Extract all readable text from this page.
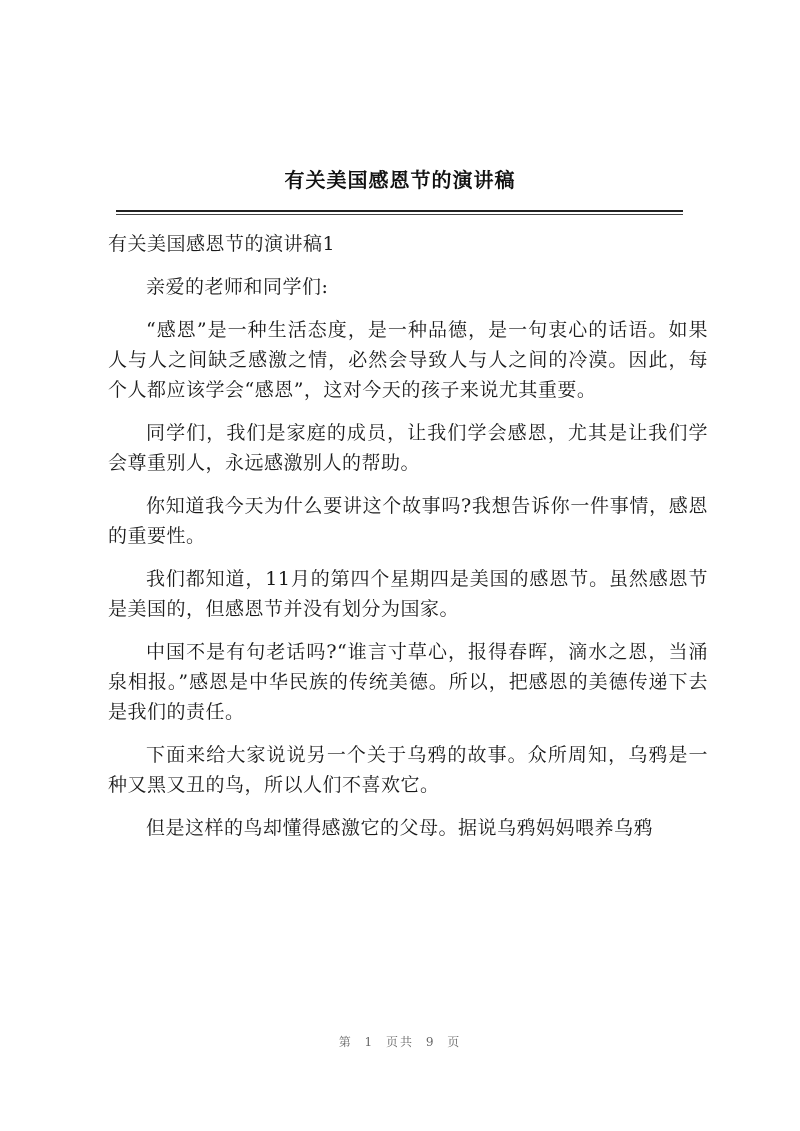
有关美国感恩节的演讲稿

有关美国感恩节的演讲稿1

亲爱的老师和同学们:

“感恩”是一种生活态度，是一种品德，是一句衷心的话语。如果人与人之间缺乏感激之情，必然会导致人与人之间的冷漠。因此，每个人都应该学会“感恩”，这对今天的孩子来说尤其重要。

同学们，我们是家庭的成员，让我们学会感恩，尤其是让我们学会尊重别人，永远感激别人的帮助。

你知道我今天为什么要讲这个故事吗?我想告诉你一件事情，感恩的重要性。

我们都知道，11月的第四个星期四是美国的感恩节。虽然感恩节是美国的，但感恩节并没有划分为国家。

中国不是有句老话吗?“谁言寸草心，报得春晖，滴水之恩，当涌泉相报。”感恩是中华民族的传统美德。所以，把感恩的美德传递下去是我们的责任。

下面来给大家说说另一个关于乌鸦的故事。众所周知，乌鸦是一种又黑又丑的鸟，所以人们不喜欢它。

但是这样的鸟却懂得感激它的父母。据说乌鸦妈妈喂养乌鸦

第 1 页共 9 页
